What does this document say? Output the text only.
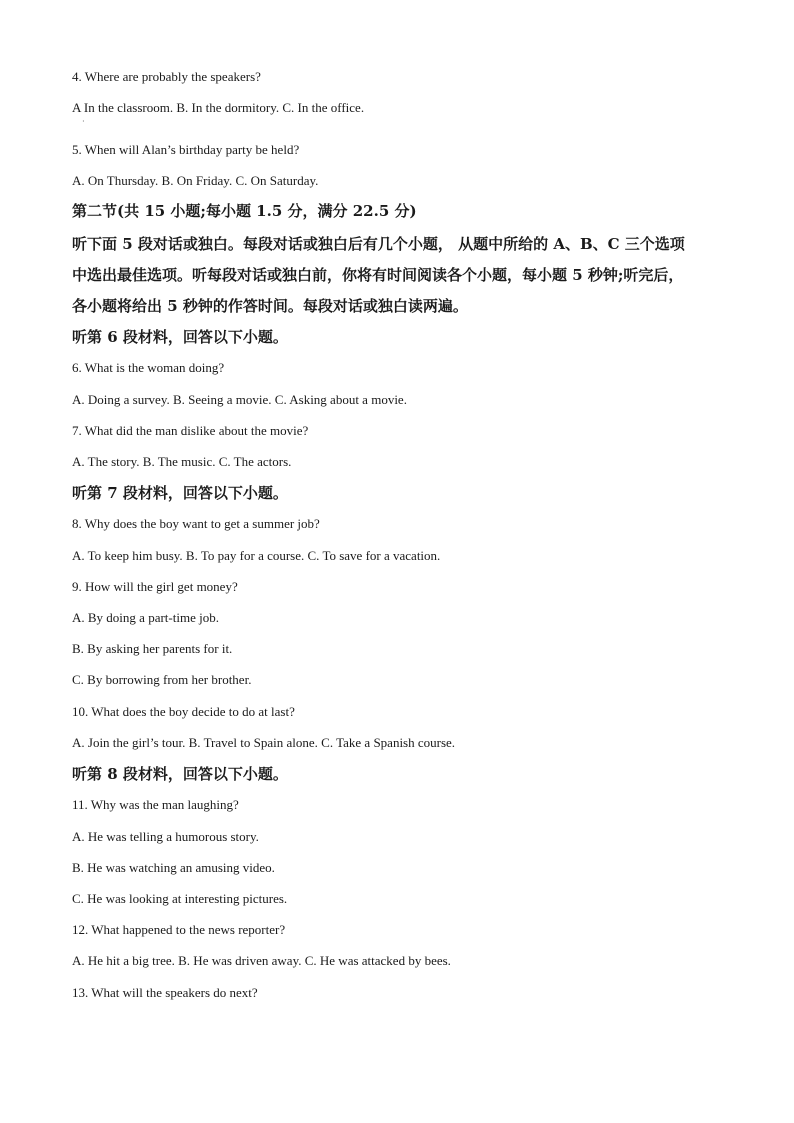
4. Where are probably the speakers?
A In the classroom. B. In the dormitory. C. In the office.
5. When will Alan’s birthday party be held?
A. On Thursday. B. On Friday. C. On Saturday.
第二节(共 15 小题;每小题 1.5 分，满分 22.5 分)
听下面 5 段对话或独白。每段对话或独白后有几个小题， 从题中所给的 A、B、C 三个选项
中选出最佳选项。听每段对话或独白前，你将有时间阅读各个小题，每小题 5 秒钟;听完后，
各小题将给出 5 秒钟的作答时间。每段对话或独白读两遍。
听第 6 段材料，回答以下小题。
6. What is the woman doing?
A. Doing a survey. B. Seeing a movie. C. Asking about a movie.
7. What did the man dislike about the movie?
A. The story. B. The music. C. The actors.
听第 7 段材料，回答以下小题。
8. Why does the boy want to get a summer job?
A. To keep him busy. B. To pay for a course. C. To save for a vacation.
9. How will the girl get money?
A. By doing a part-time job.
B. By asking her parents for it.
C. By borrowing from her brother.
10. What does the boy decide to do at last?
A. Join the girl’s tour. B. Travel to Spain alone. C. Take a Spanish course.
听第 8 段材料，回答以下小题。
11. Why was the man laughing?
A. He was telling a humorous story.
B. He was watching an amusing video.
C. He was looking at interesting pictures.
12. What happened to the news reporter?
A. He hit a big tree. B. He was driven away. C. He was attacked by bees.
13. What will the speakers do next?
·
